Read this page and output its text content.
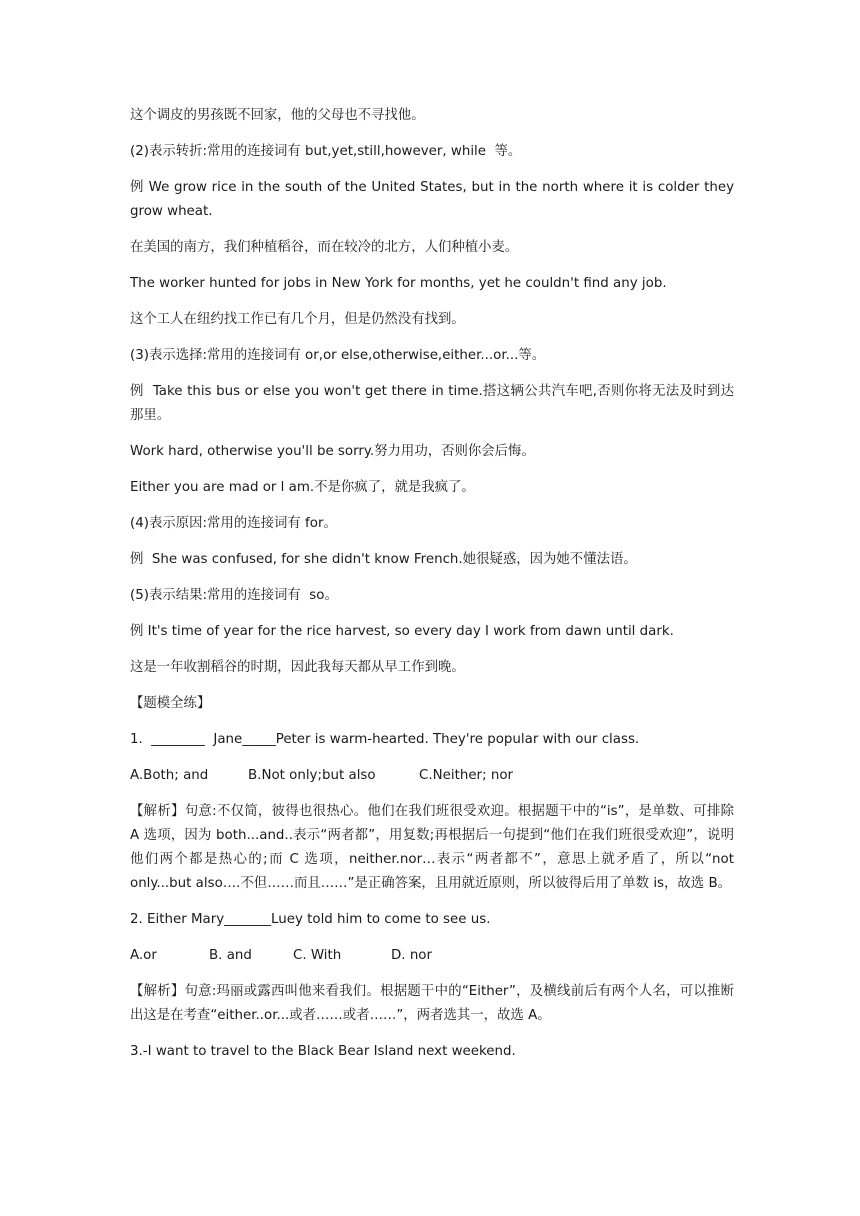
这个调皮的男孩既不回家，他的父母也不寻找他。

(2)表示转折:常用的连接词有 but,yet,still,however, while  等。

例 We grow rice in the south of the United States, but in the north where it is colder they grow wheat.

在美国的南方，我们种植稻谷，而在较冷的北方，人们种植小麦。

The worker hunted for jobs in New York for months, yet he couldn't find any job.

这个工人在纽约找工作已有几个月，但是仍然没有找到。

(3)表示选择:常用的连接词有 or,or else,otherwise,either...or...等。

例  Take this bus or else you won't get there in time.搭这辆公共汽车吧,否则你将无法及时到达那里。

Work hard, otherwise you'll be sorry.努力用功，否则你会后悔。

Either you are mad or l am.不是你疯了，就是我疯了。

(4)表示原因:常用的连接词有 for。

例  She was confused, for she didn't know French.她很疑惑，因为她不懂法语。

(5)表示结果:常用的连接词有  so。

例 It's time of year for the rice harvest, so every day I work from dawn until dark.

这是一年收割稻谷的时期，因此我每天都从早工作到晚。

【题模全练】

1.  ________  Jane_____Peter is warm-hearted. They're popular with our class.

A.Both; and	B.Not only;but also	C.Neither; nor

【解析】句意:不仅简，彼得也很热心。他们在我们班很受欢迎。根据题干中的“is”，是单数、可排除 A 选项，因为 both...and..表示“两者都”，用复数;再根据后一句提到“他们在我们班很受欢迎”，说明他们两个都是热心的;而 C 选项，neither.nor…表示“两者都不”，意思上就矛盾了，所以“not only...but also….不但……而且……”是正确答案，且用就近原则，所以彼得后用了单数 is，故选 B。

2. Either Mary_______Luey told him to come to see us.

A.or	B. and	C. With	D. nor

【解析】句意:玛丽或露西叫他来看我们。根据题干中的“Either”，及横线前后有两个人名，可以推断出这是在考查“either..or...或者……或者……”，两者选其一，故选 A。

3.-I want to travel to the Black Bear Island next weekend.
